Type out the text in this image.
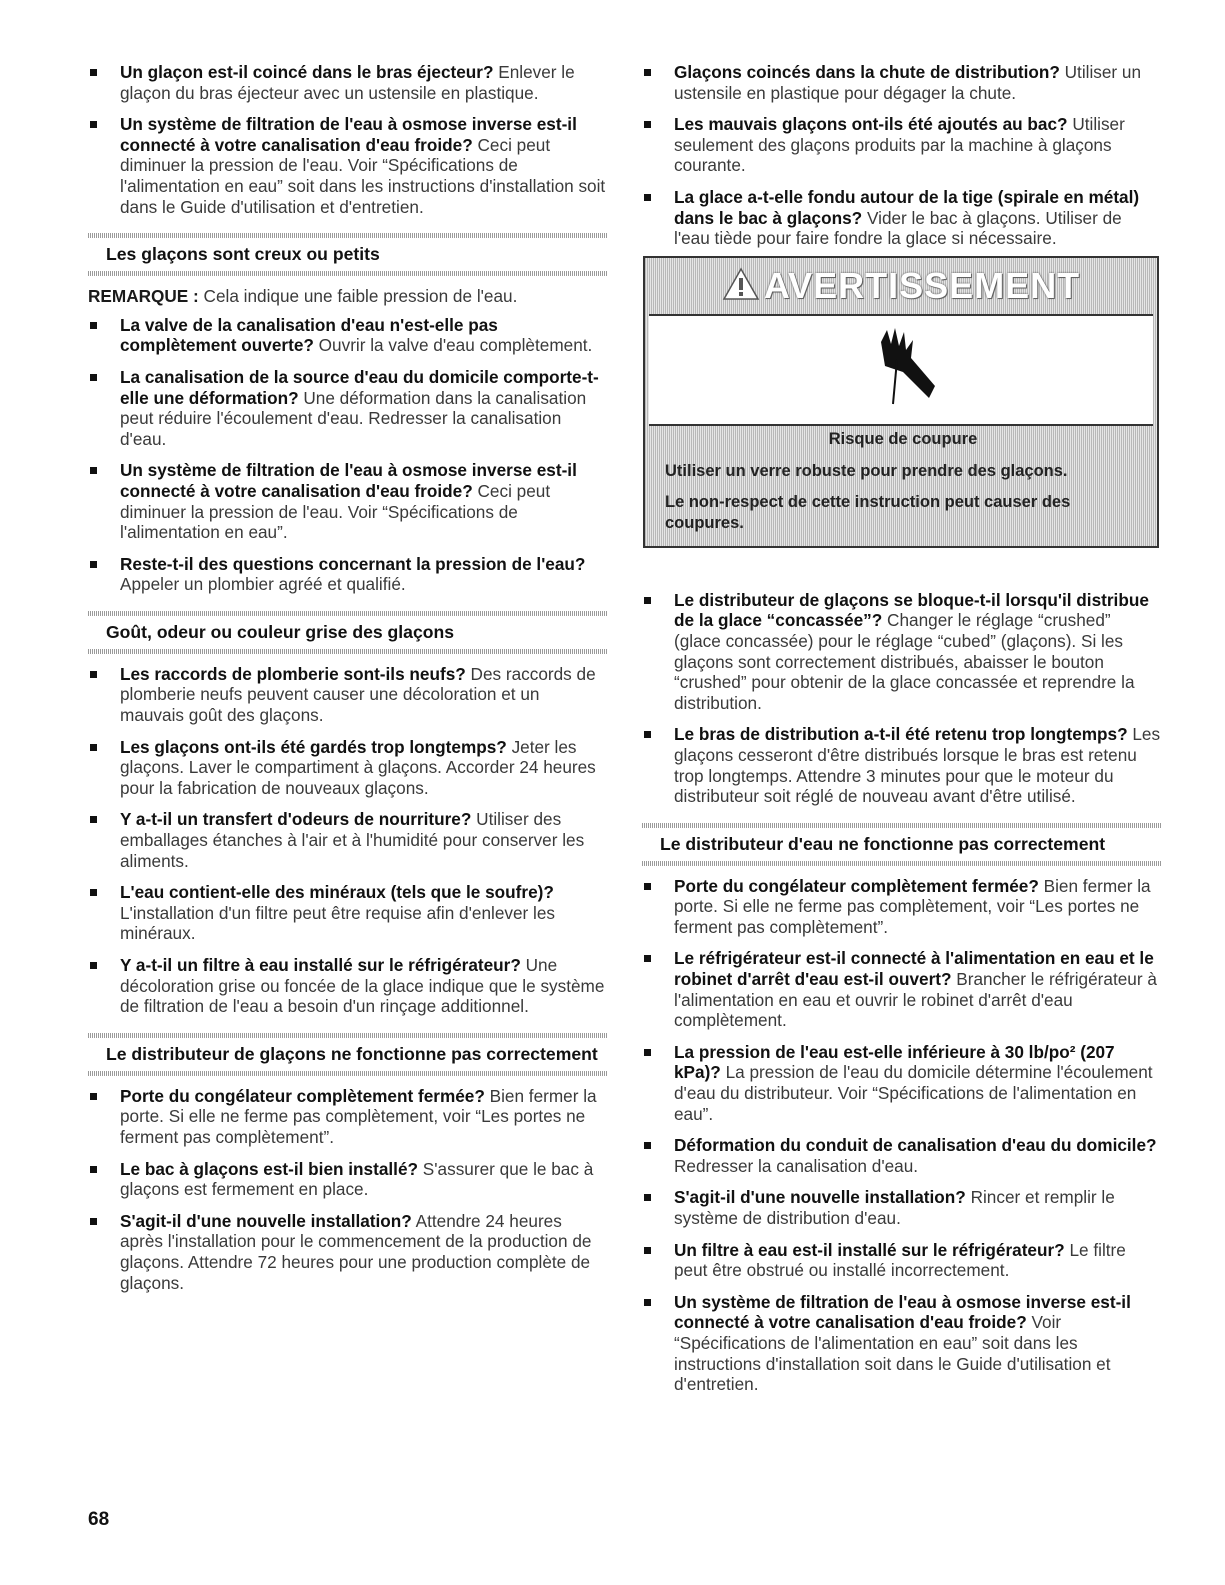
Un glaçon est-il coincé dans le bras éjecteur? Enlever le glaçon du bras éjecteur avec un ustensile en plastique.
Un système de filtration de l'eau à osmose inverse est-il connecté à votre canalisation d'eau froide? Ceci peut diminuer la pression de l'eau. Voir “Spécifications de l'alimentation en eau” soit dans les instructions d'installation soit dans le Guide d'utilisation et d'entretien.
Les glaçons sont creux ou petits
REMARQUE : Cela indique une faible pression de l'eau.
La valve de la canalisation d'eau n'est-elle pas complètement ouverte? Ouvrir la valve d'eau complètement.
La canalisation de la source d'eau du domicile comporte-t-elle une déformation? Une déformation dans la canalisation peut réduire l'écoulement d'eau. Redresser la canalisation d'eau.
Un système de filtration de l'eau à osmose inverse est-il connecté à votre canalisation d'eau froide? Ceci peut diminuer la pression de l'eau. Voir “Spécifications de l'alimentation en eau”.
Reste-t-il des questions concernant la pression de l'eau?Appeler un plombier agréé et qualifié.
Goût, odeur ou couleur grise des glaçons
Les raccords de plomberie sont-ils neufs? Des raccords de plomberie neufs peuvent causer une décoloration et un mauvais goût des glaçons.
Les glaçons ont-ils été gardés trop longtemps? Jeter les glaçons. Laver le compartiment à glaçons. Accorder 24 heures pour la fabrication de nouveaux glaçons.
Y a-t-il un transfert d'odeurs de nourriture? Utiliser des emballages étanches à l'air et à l'humidité pour conserver les aliments.
L'eau contient-elle des minéraux (tels que le soufre)?L'installation d'un filtre peut être requise afin d'enlever les minéraux.
Y a-t-il un filtre à eau installé sur le réfrigérateur? Une décoloration grise ou foncée de la glace indique que le système de filtration de l'eau a besoin d'un rinçage additionnel.
Le distributeur de glaçons ne fonctionne pas correctement
Porte du congélateur complètement fermée? Bien fermer la porte. Si elle ne ferme pas complètement, voir “Les portes ne ferment pas complètement”.
Le bac à glaçons est-il bien installé? S'assurer que le bac à glaçons est fermement en place.
S'agit-il d'une nouvelle installation? Attendre 24 heures après l'installation pour le commencement de la production de glaçons. Attendre 72 heures pour une production complète de glaçons.
Glaçons coincés dans la chute de distribution? Utiliser un ustensile en plastique pour dégager la chute.
Les mauvais glaçons ont-ils été ajoutés au bac? Utiliser seulement des glaçons produits par la machine à glaçons courante.
La glace a-t-elle fondu autour de la tige (spirale en métal) dans le bac à glaçons? Vider le bac à glaçons. Utiliser de l'eau tiède pour faire fondre la glace si nécessaire.
Le distributeur de glaçons se bloque-t-il lorsqu'il distribue de la glace “concassée”? Changer le réglage “crushed” (glace concassée) pour le réglage “cubed” (glaçons). Si les glaçons sont correctement distribués, abaisser le bouton “crushed” pour obtenir de la glace concassée et reprendre la distribution.
Le bras de distribution a-t-il été retenu trop longtemps? Les glaçons cesseront d'être distribués lorsque le bras est retenu trop longtemps. Attendre 3 minutes pour que le moteur du distributeur soit réglé de nouveau avant d'être utilisé.
Le distributeur d'eau ne fonctionne pas correctement
Porte du congélateur complètement fermée? Bien fermer la porte. Si elle ne ferme pas complètement, voir “Les portes ne ferment pas complètement”.
Le réfrigérateur est-il connecté à l'alimentation en eau et le robinet d'arrêt d'eau est-il ouvert? Brancher le réfrigérateur à l'alimentation en eau et ouvrir le robinet d'arrêt d'eau complètement.
La pression de l'eau est-elle inférieure à 30 lb/po² (207 kPa)? La pression de l'eau du domicile détermine l'écoulement d'eau du distributeur. Voir “Spécifications de l'alimentation en eau”.
Déformation du conduit de canalisation d'eau du domicile?Redresser la canalisation d'eau.
S'agit-il d'une nouvelle installation? Rincer et remplir le système de distribution d'eau.
Un filtre à eau est-il installé sur le réfrigérateur? Le filtre peut être obstrué ou installé incorrectement.
Un système de filtration de l'eau à osmose inverse est-il connecté à votre canalisation d'eau froide? Voir “Spécifications de l'alimentation en eau” soit dans les instructions d'installation soit dans le Guide d'utilisation et d'entretien.
AVERTISSEMENT
Risque de coupure
Utiliser un verre robuste pour prendre des glaçons.
Le non-respect de cette instruction peut causer des coupures.
68
